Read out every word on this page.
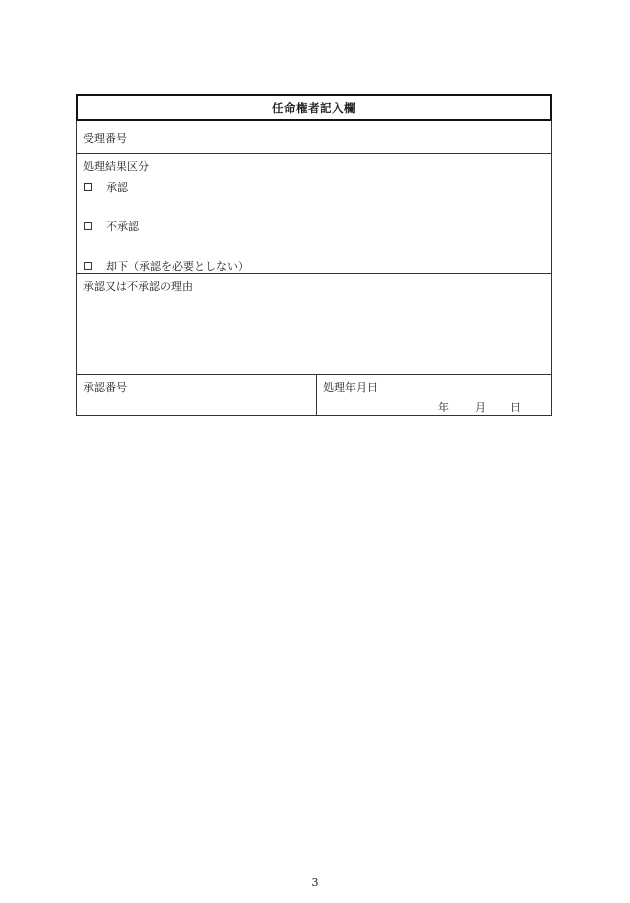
任命権者記入欄
受理番号
処理結果区分
承認
不承認
却下（承認を必要としない）
承認又は不承認の理由
承認番号	処理年月日
年 月 日
3
